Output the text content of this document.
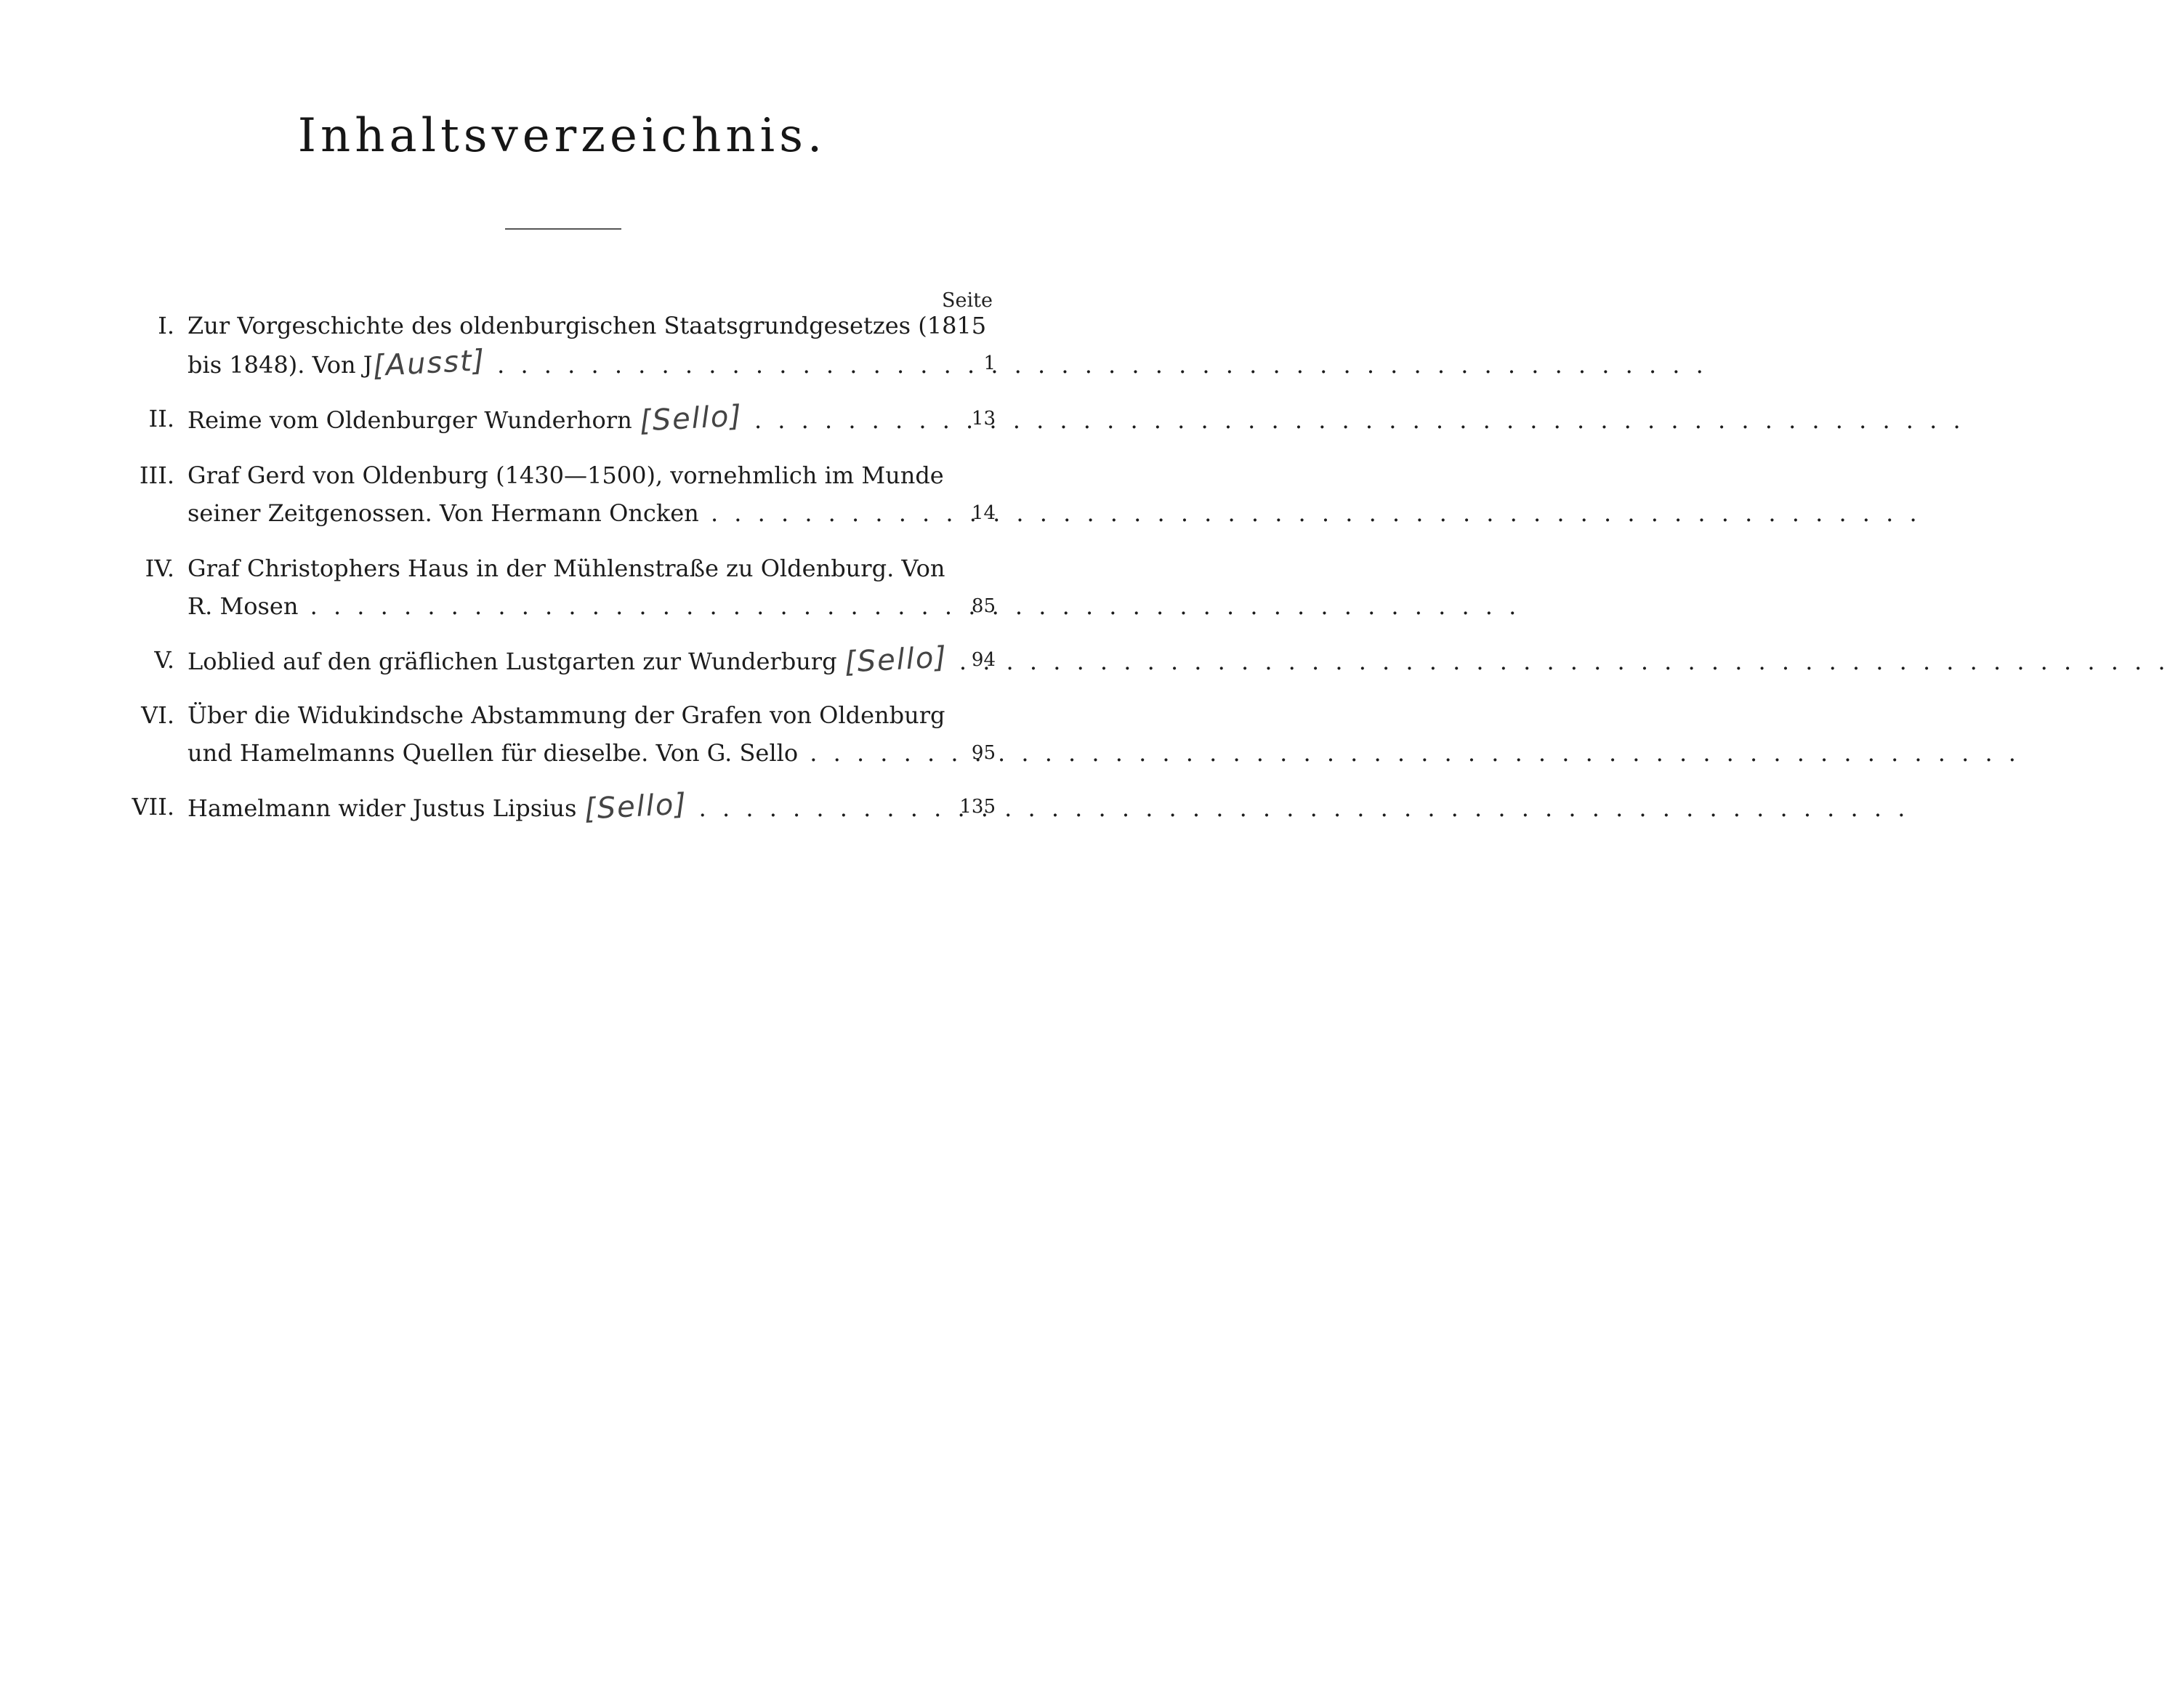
Inhaltsverzeichnis.
Seite
I. Zur Vorgeschichte des oldenburgischen Staatsgrundgesetzes (1815
bis 1848). Von J[Ausst] . . .	1
II. Reime vom Oldenburger Wunderhorn [Sello] . . .	13
III. Graf Gerd von Oldenburg (1430—1500), vornehmlich im Munde
seiner Zeitgenossen. Von Hermann Oncken . . .	14
IV. Graf Christophers Haus in der Mühlenstraße zu Oldenburg. Von
R. Mosen . . .	85
V. Loblied auf den gräflichen Lustgarten zur Wunderburg [Sello] . . .	94
VI. Über die Widukindsche Abstammung der Grafen von Oldenburg
und Hamelmanns Quellen für dieselbe. Von G. Sello . . .	95
VII. Hamelmann wider Justus Lipsius [Sello] . . .	135
